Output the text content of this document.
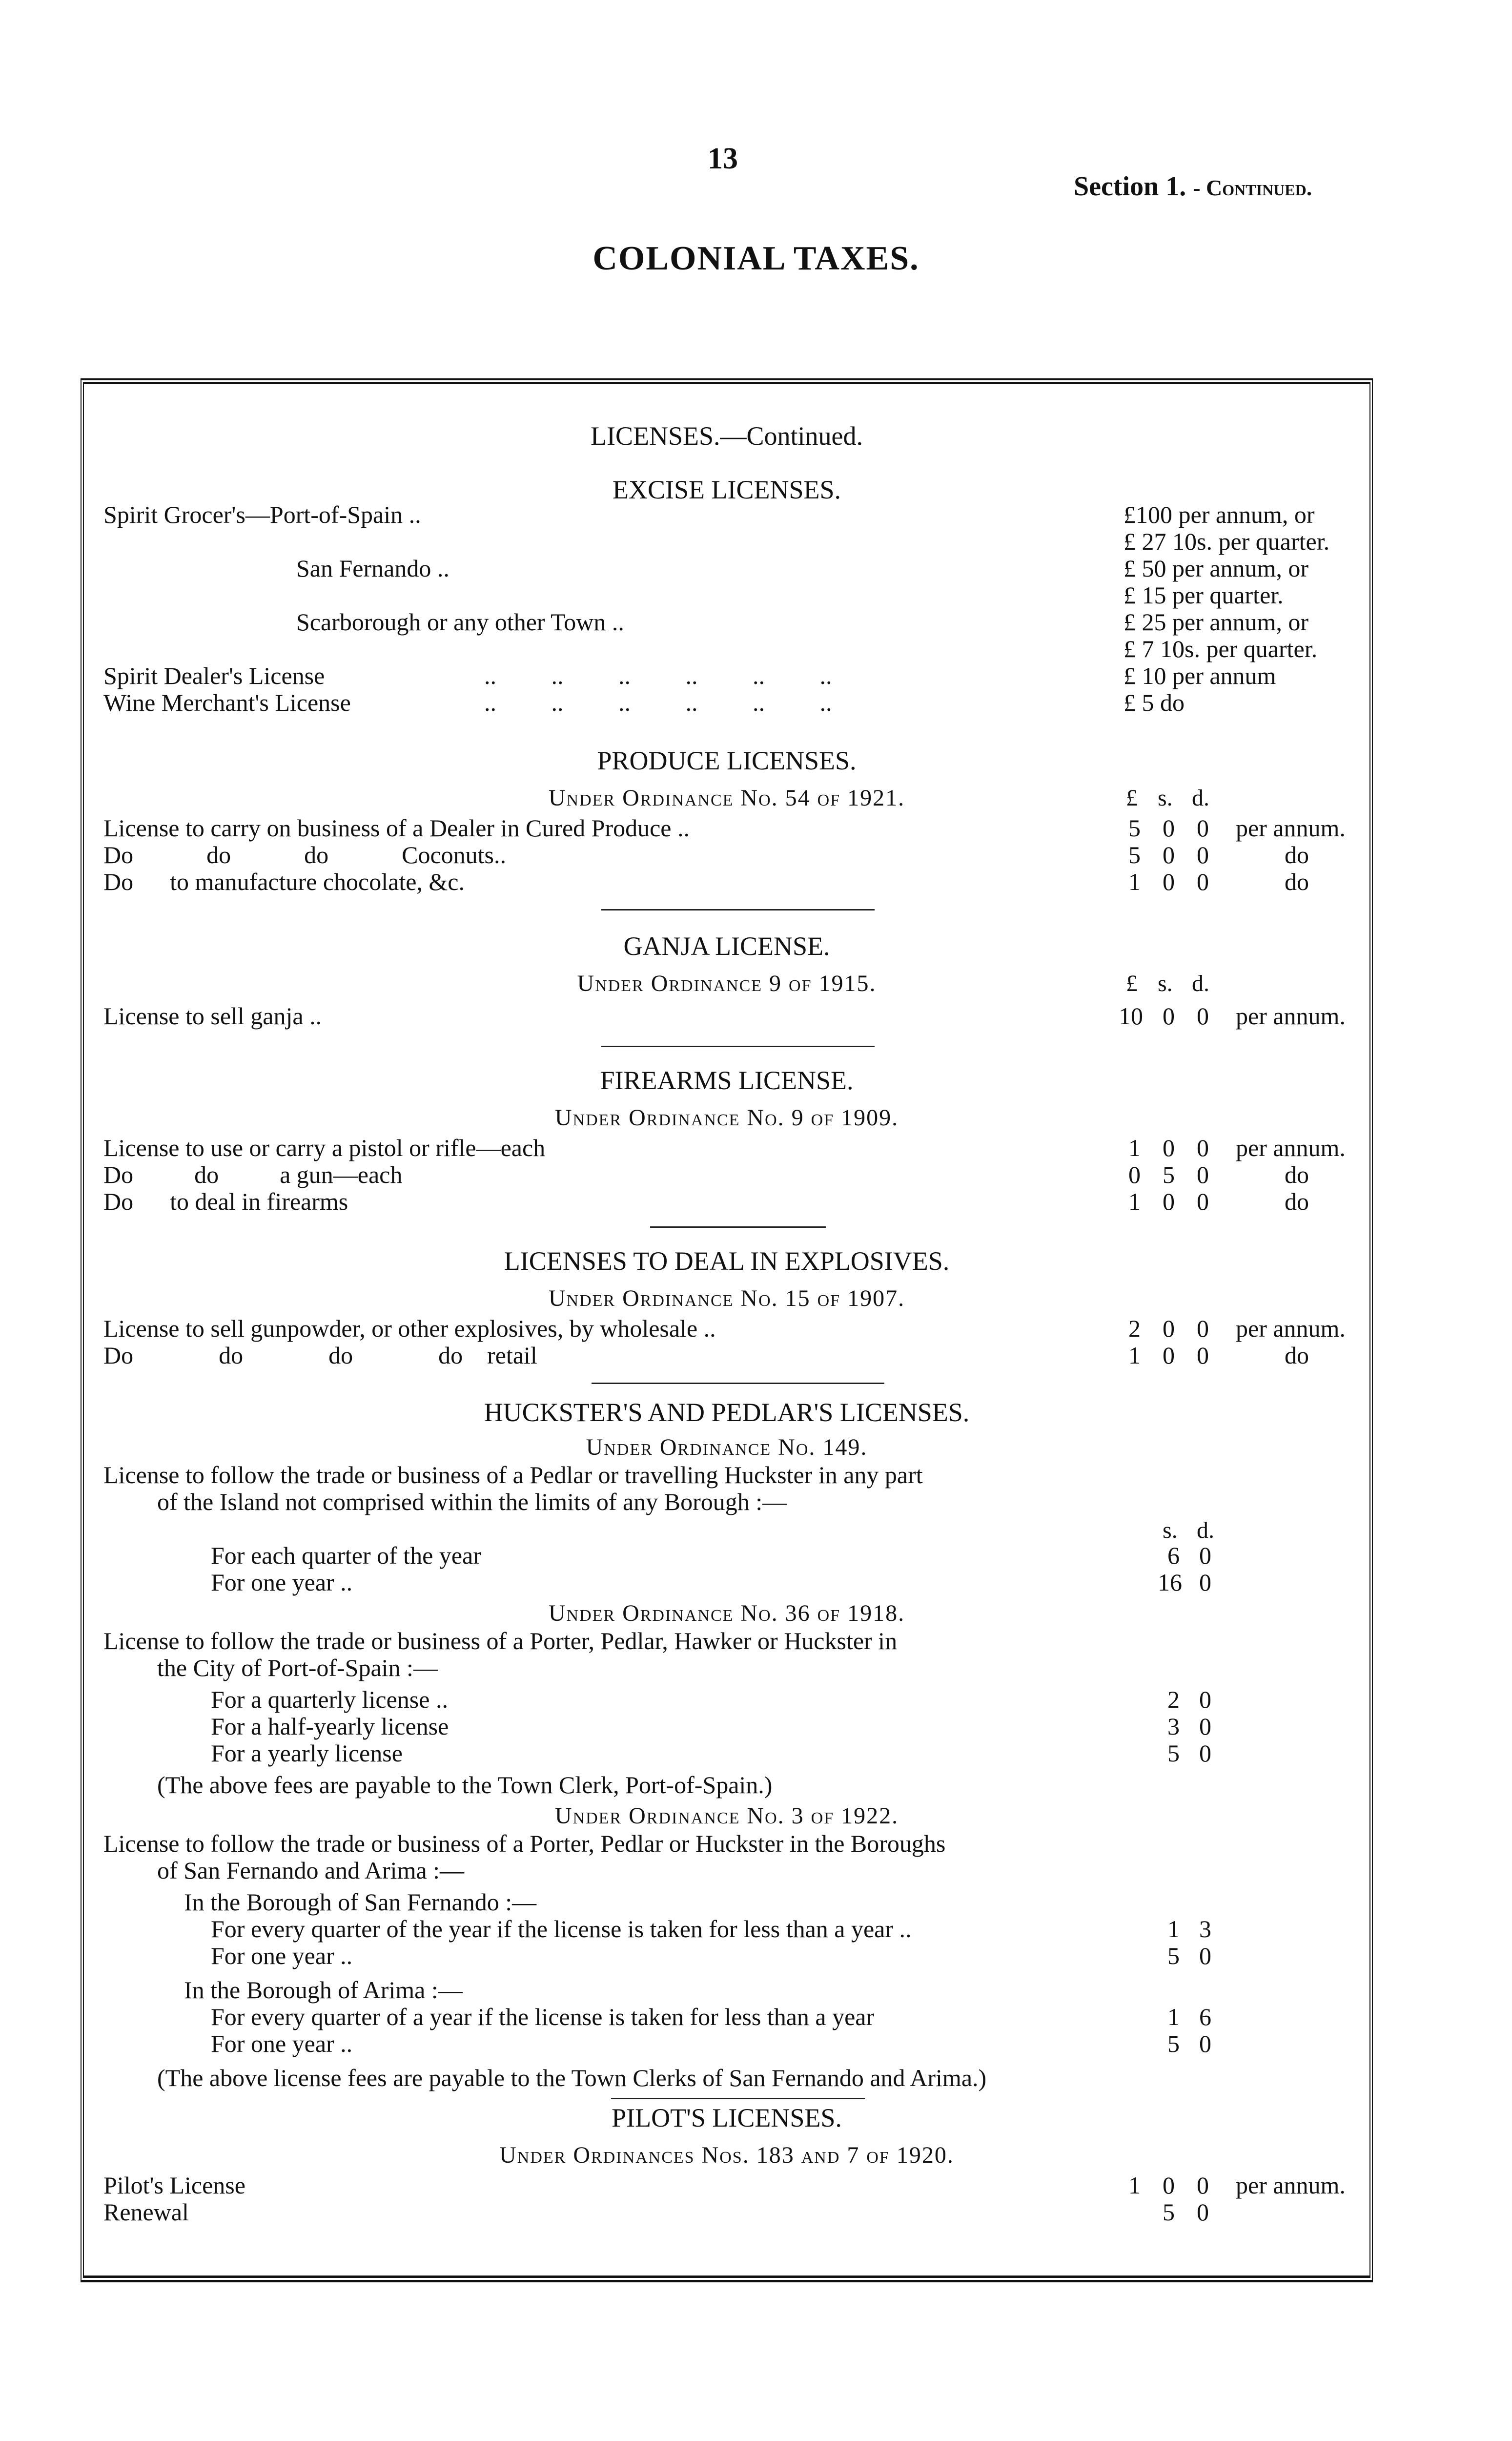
13
Section 1. - Continued.
COLONIAL TAXES.
LICENSES.—Continued.
EXCISE LICENSES.
Spirit Grocer's—Port-of-Spain ..	£100 per annum, or
£ 27 10s. per quarter.
San Fernando ..	£ 50 per annum, or
£ 15 per quarter.
Scarborough or any other Town ..	£ 25 per annum, or
£ 7 10s. per quarter.
Spirit Dealer's License	..         ..         ..         ..         ..         ..	£ 10 per annum
Wine Merchant's License	..         ..         ..         ..         ..         ..	£ 5 do
PRODUCE LICENSES.
Under Ordinance No. 54 of 1921.	£ s. d.
License to carry on business of a Dealer in Cured Produce ..	5 0 0 per annum.
Do            do            do            Coconuts..	5 0 0	do
Do      to manufacture chocolate, &c.	1 0 0	do
GANJA LICENSE.
Under Ordinance 9 of 1915.	£ s. d.
License to sell ganja ..	10 0 0 per annum.
FIREARMS LICENSE.
Under Ordinance No. 9 of 1909.
License to use or carry a pistol or rifle—each	1 0 0 per annum.
Do          do          a gun—each	0 5 0	do
Do      to deal in firearms	1 0 0	do
LICENSES TO DEAL IN EXPLOSIVES.
Under Ordinance No. 15 of 1907.
License to sell gunpowder, or other explosives, by wholesale ..	2 0 0 per annum.
Do              do              do              do    retail	1 0 0	do
HUCKSTER'S AND PEDLAR'S LICENSES.
Under Ordinance No. 149.
License to follow the trade or business of a Pedlar or travelling Huckster in any part
of the Island not comprised within the limits of any Borough :—
s. d.
For each quarter of the year	6 0
For one year ..	16 0
Under Ordinance No. 36 of 1918.
License to follow the trade or business of a Porter, Pedlar, Hawker or Huckster in
the City of Port-of-Spain :—
For a quarterly license ..	2 0
For a half-yearly license	3 0
For a yearly license	5 0
(The above fees are payable to the Town Clerk, Port-of-Spain.)
Under Ordinance No. 3 of 1922.
License to follow the trade or business of a Porter, Pedlar or Huckster in the Boroughs
of San Fernando and Arima :—
In the Borough of San Fernando :—
For every quarter of the year if the license is taken for less than a year ..	1 3
For one year ..	5 0
In the Borough of Arima :—
For every quarter of a year if the license is taken for less than a year	1 6
For one year ..	5 0
(The above license fees are payable to the Town Clerks of San Fernando and Arima.)
PILOT'S LICENSES.
Under Ordinances Nos. 183 and 7 of 1920.
Pilot's License	1 0 0 per annum.
Renewal	5 0
